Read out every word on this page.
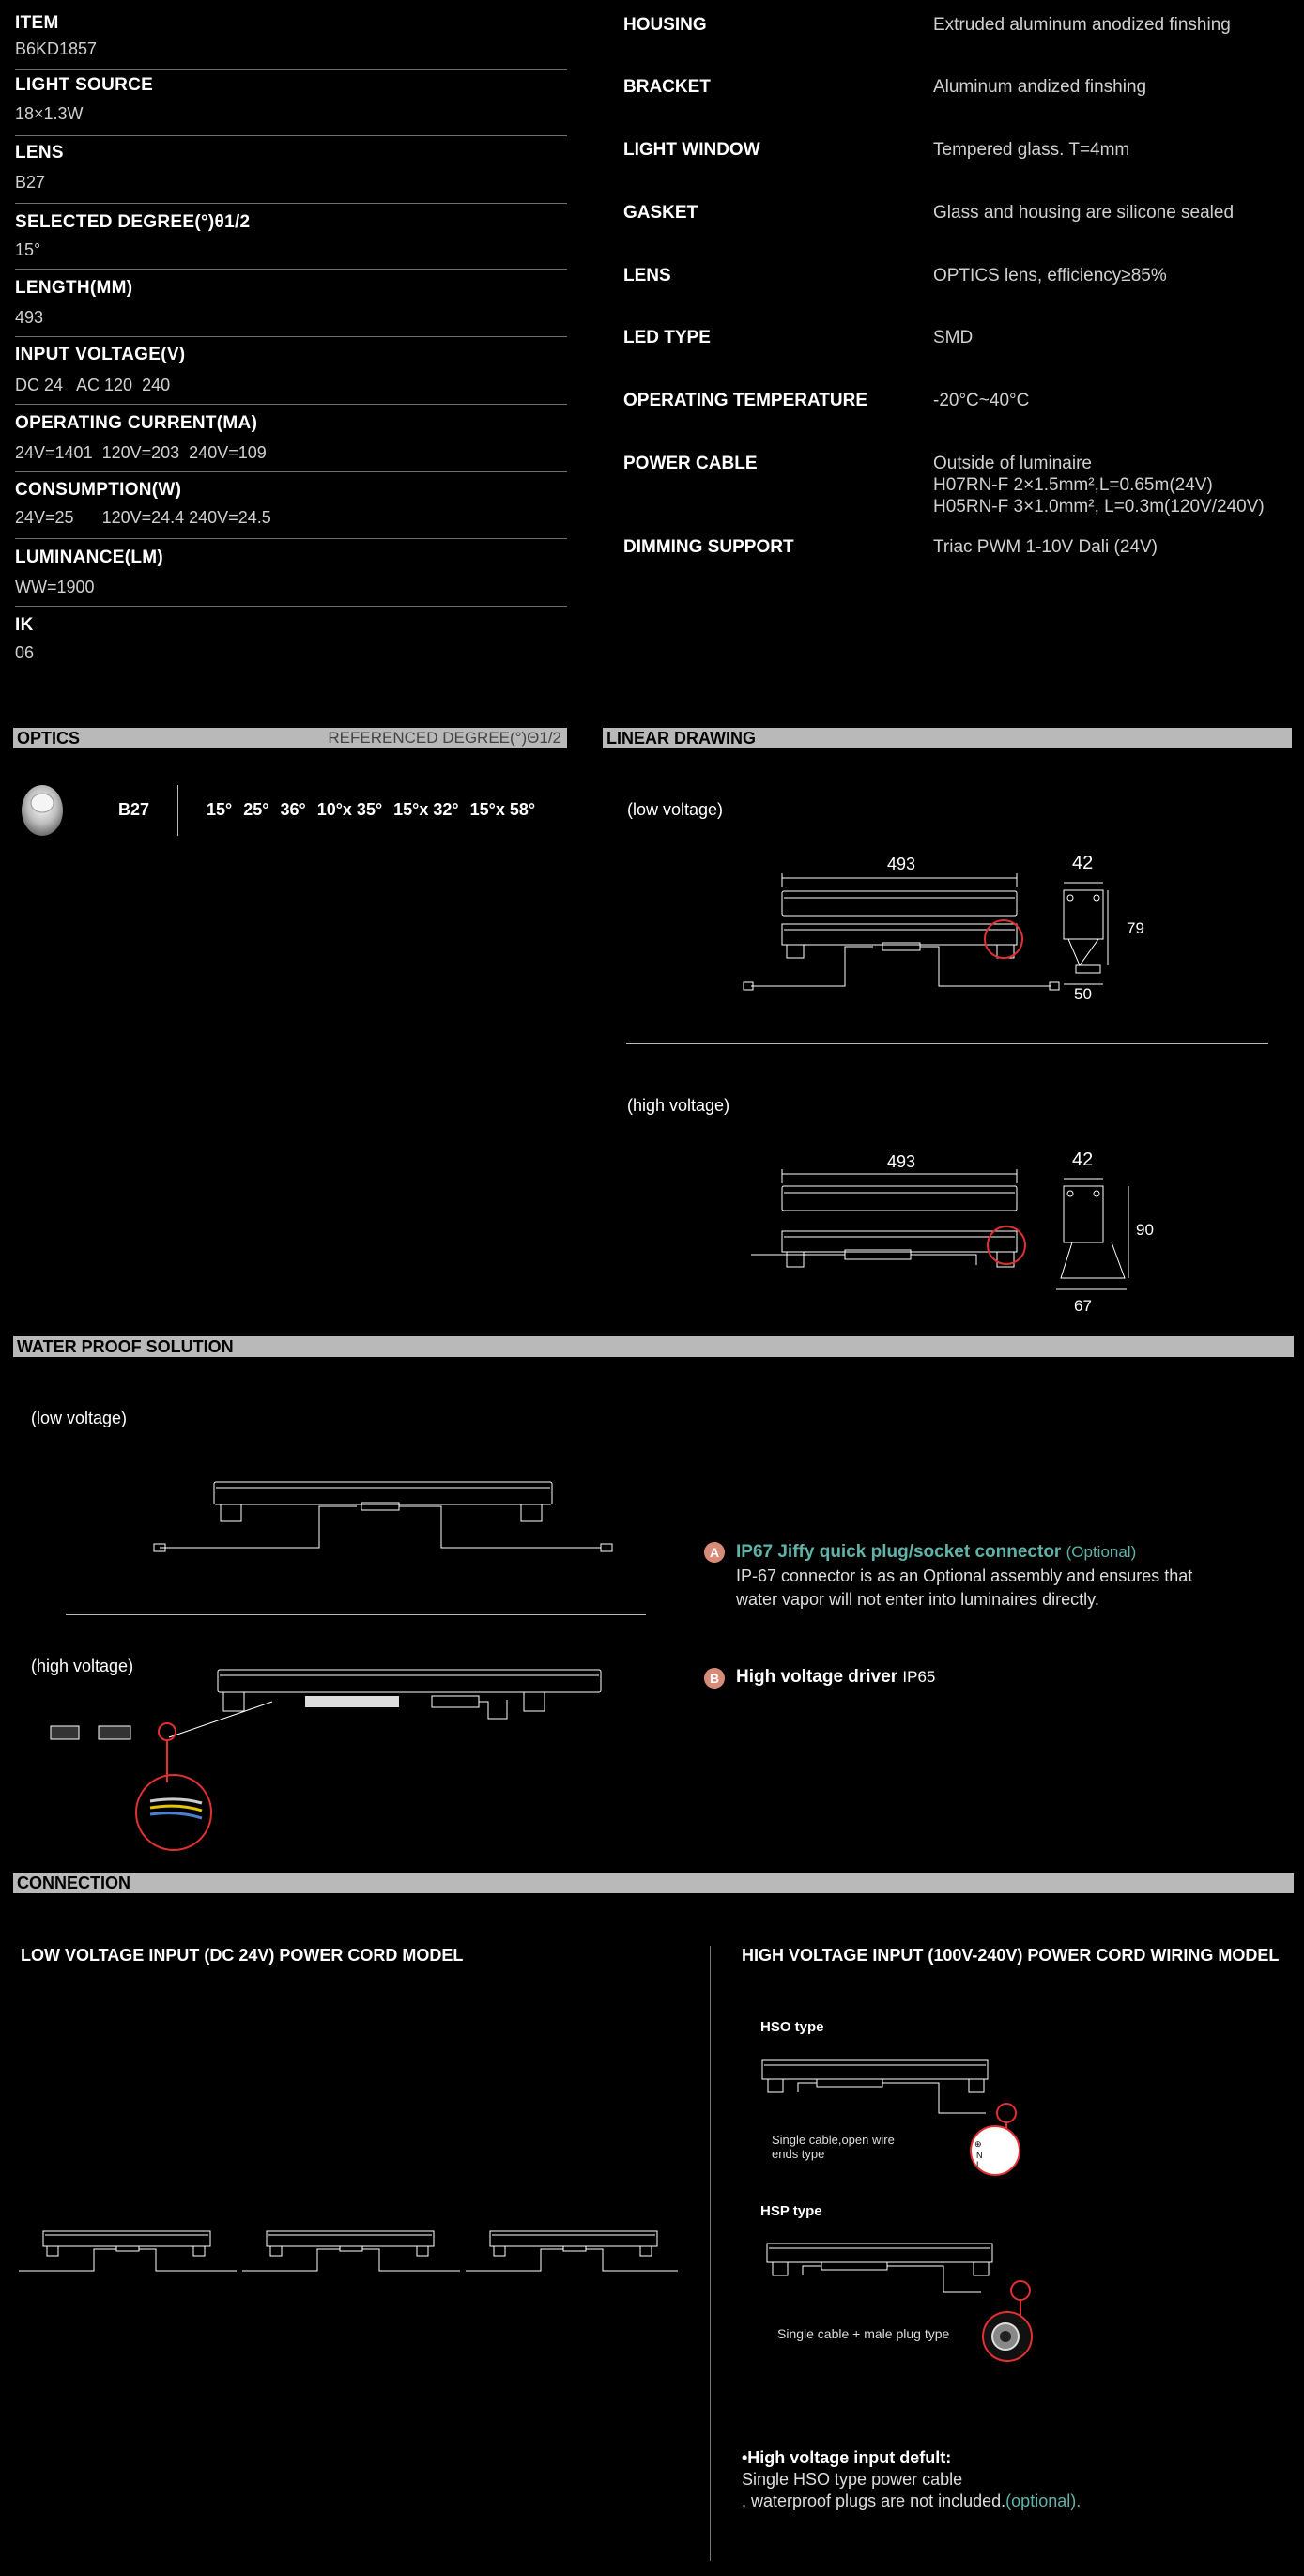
ITEM
B6KD1857
LIGHT SOURCE
18×1.3W
LENS
B27
SELECTED DEGREE(°)θ1/2
15°
LENGTH(MM)
493
INPUT VOLTAGE(V)
DC 24   AC 120  240
OPERATING CURRENT(MA)
24V=1401  120V=203  240V=109
CONSUMPTION(W)
24V=25      120V=24.4 240V=24.5
LUMINANCE(LM)
WW=1900
IK
06
HOUSING	Extruded aluminum anodized finshing
BRACKET	Aluminum andized finshing
LIGHT WINDOW	Tempered glass. T=4mm
GASKET	Glass and housing are silicone sealed
LENS	OPTICS lens, efficiency≥85%
LED TYPE	SMD
OPERATING TEMPERATURE	-20°C~40°C
POWER CABLE	Outside of luminaire
H07RN-F 2×1.5mm²,L=0.65m(24V)
H05RN-F 3×1.0mm², L=0.3m(120V/240V)
DIMMING SUPPORT	Triac PWM 1-10V Dali (24V)
OPTICS	REFERENCED DEGREE(°)Θ1/2
B27	15° 25° 36° 10°x 35° 15°x 32° 15°x 58°
LINEAR DRAWING
(low voltage)
493	42
79
50
(high voltage)
493	42
90
67
WATER PROOF SOLUTION
(low voltage)
(high voltage)
A IP67 Jiffy quick plug/socket connector (Optional)
IP-67 connector is as an Optional assembly and ensures that
water vapor will not enter into luminaires directly.
B High voltage driver IP65
CONNECTION
LOW VOLTAGE INPUT (DC 24V) POWER CORD MODEL	HIGH VOLTAGE INPUT (100V-240V) POWER CORD WIRING MODEL
HSO type
⊕
N
L
Single cable,open wire
ends type
HSP type
Single cable + male plug type
•High voltage input defult:
Single HSO type power cable
, waterproof plugs are not included.(optional).
